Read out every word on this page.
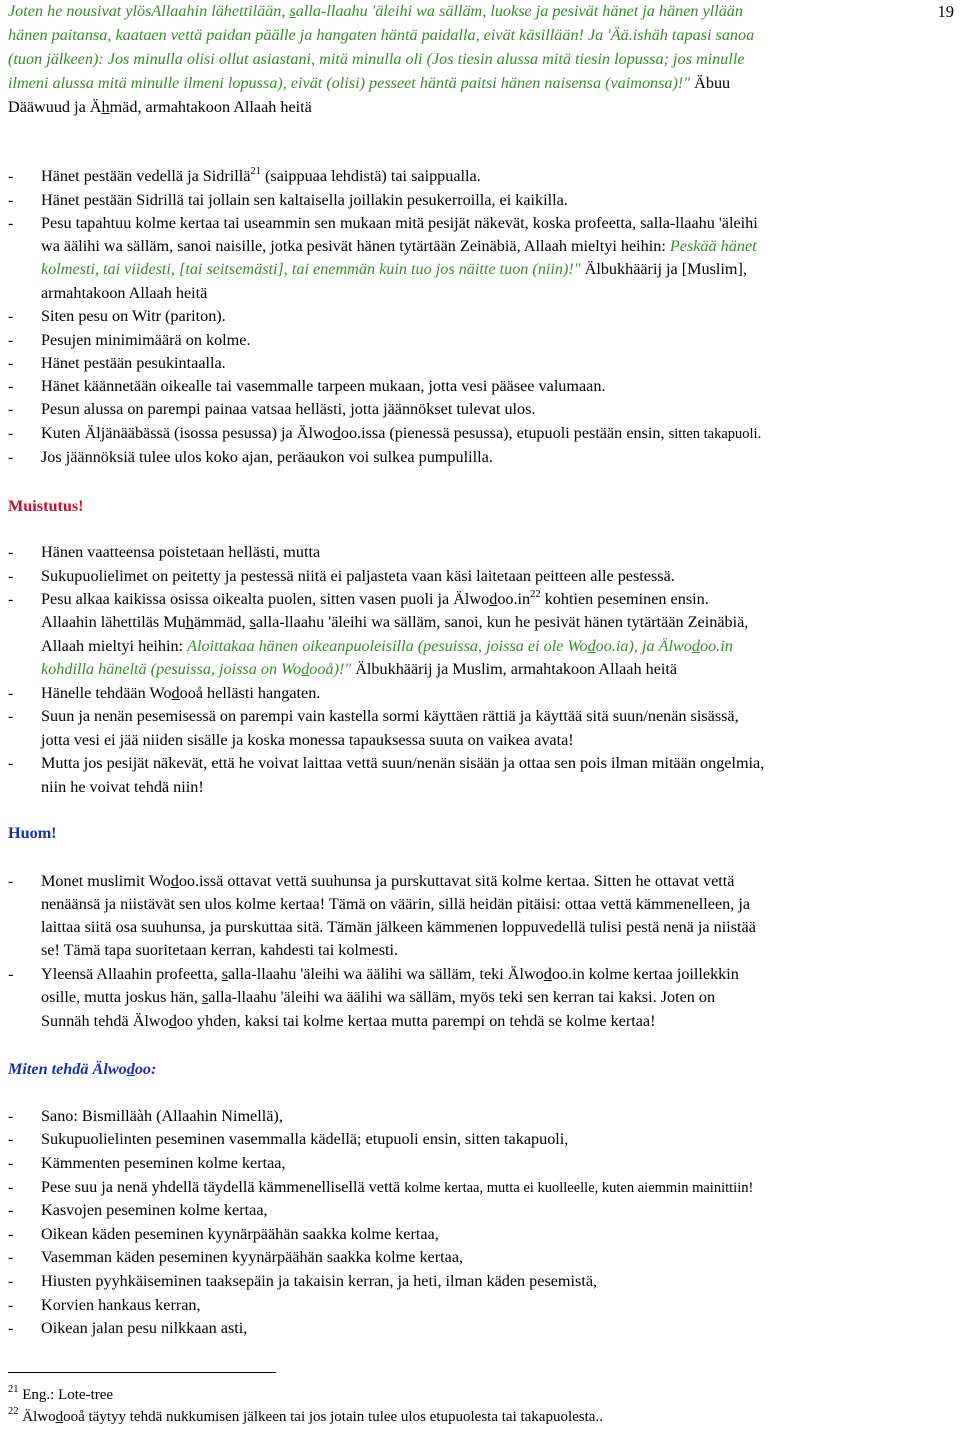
19
Joten he nousivat ylösAllaahin lähettilään, salla-llaahu 'äleihi wa sälläm, luokse ja pesivät hänet ja hänen yllään
hänen paitansa, kaataen vettä paidan päälle ja hangaten häntä paidalla, eivät käsillään! Ja 'Ää.ishäh tapasi sanoa
(tuon jälkeen): Jos minulla olisi ollut asiastani, mitä minulla oli (Jos tiesin alussa mitä tiesin lopussa; jos minulle
ilmeni alussa mitä minulle ilmeni lopussa), eivät (olisi) pesseet häntä paitsi hänen naisensa (vaimonsa)!" Äbuu
Dääwuud ja Ähmäd, armahtakoon Allaah heitä
- Hänet pestään vedellä ja Sidrillä$^{21}$ (saippuaa lehdistä) tai saippualla.
- Hänet pestään Sidrillä tai jollain sen kaltaisella joillakin pesukerroilla, ei kaikilla.
- Pesu tapahtuu kolme kertaa tai useammin sen mukaan mitä pesijät näkevät, koska profeetta, salla-llaahu 'äleihi
wa äälihi wa sälläm, sanoi naisille, jotka pesivät hänen tytärtään Zeinäbiä, Allaah mieltyi heihin: Peskää hänet
kolmesti, tai viidesti, [tai seitsemästi], tai enemmän kuin tuo jos näitte tuon (niin)!" Älbukhäärij ja [Muslim],
armahtakoon Allaah heitä
- Siten pesu on Witr (pariton).
- Pesujen minimimäärä on kolme.
- Hänet pestään pesukintaalla.
- Hänet käännetään oikealle tai vasemmalle tarpeen mukaan, jotta vesi pääsee valumaan.
- Pesun alussa on parempi painaa vatsaa hellästi, jotta jäännökset tulevat ulos.
- Kuten Äljänääbässä (isossa pesussa) ja Älwodoo.issa (pienessä pesussa), etupuoli pestään ensin, sitten takapuoli.
- Jos jäännöksiä tulee ulos koko ajan, peräaukon voi sulkea pumpulilla.
Muistutus!
- Hänen vaatteensa poistetaan hellästi, mutta
- Sukupuolielimet on peitetty ja pestessä niitä ei paljasteta vaan käsi laitetaan peitteen alle pestessä.
- Pesu alkaa kaikissa osissa oikealta puolen, sitten vasen puoli ja $Älwodoo.in^{22}$ kohtien peseminen ensin.
Allaahin lähettiläs Muhämmäd, salla-llaahu 'äleihi wa sälläm, sanoi, kun he pesivät hänen tytärtään Zeinäbiä,
Allaah mieltyi heihin: Aloittakaa hänen oikeanpuoleisilla (pesuissa, joissa ei ole Wodoo.ia), ja Älwodoo.in
kohdilla häneltä (pesuissa, joissa on Wodooå)!" Älbukhäärij ja Muslim, armahtakoon Allaah heitä
- Hänelle tehdään Wodooå hellästi hangaten.
- Suun ja nenän pesemisessä on parempi vain kastella sormi käyttäen rättiä ja käyttää sitä suun/nenän sisässä,
jotta vesi ei jää niiden sisälle ja koska monessa tapauksessa suuta on vaikea avata!
- Mutta jos pesijät näkevät, että he voivat laittaa vettä suun/nenän sisään ja ottaa sen pois ilman mitään ongelmia,
niin he voivat tehdä niin!
Huom!
- Monet muslimit Wodoo.issä ottavat vettä suuhunsa ja purskuttavat sitä kolme kertaa. Sitten he ottavat vettä
nenäänsä ja niistävät sen ulos kolme kertaa! Tämä on väärin, sillä heidän pitäisi: ottaa vettä kämmenelleen, ja
laittaa siitä osa suuhunsa, ja purskuttaa sitä. Tämän jälkeen kämmenen loppuvedellä tulisi pestä nenä ja niistää
se! Tämä tapa suoritetaan kerran, kahdesti tai kolmesti.
- Yleensä Allaahin profeetta, salla-llaahu 'äleihi wa äälihi wa sälläm, teki Älwodoo.in kolme kertaa joillekkin
osille, mutta joskus hän, salla-llaahu 'äleihi wa äälihi wa sälläm, myös teki sen kerran tai kaksi. Joten on
Sunnäh tehdä Älwodoo yhden, kaksi tai kolme kertaa mutta parempi on tehdä se kolme kertaa!
Miten tehdä Älwodoo:
- Sano: Bismilläàh (Allaahin Nimellä),
- Sukupuolielinten peseminen vasemmalla kädellä; etupuoli ensin, sitten takapuoli,
- Kämmenten peseminen kolme kertaa,
- Pese suu ja nenä yhdellä täydellä kämmenellisellä vettä kolme kertaa, mutta ei kuolleelle, kuten aiemmin mainittiin!
- Kasvojen peseminen kolme kertaa,
- Oikean käden peseminen kyynärpäähän saakka kolme kertaa,
- Vasemman käden peseminen kyynärpäähän saakka kolme kertaa,
- Hiusten pyyhkäiseminen taaksepäin ja takaisin kerran, ja heti, ilman käden pesemistä,
- Korvien hankaus kerran,
- Oikean jalan pesu nilkkaan asti,
$^{21}$ Eng.: Lote-tree
$^{22}$ Älwodooå täytyy tehdä nukkumisen jälkeen tai jos jotain tulee ulos etupuolesta tai takapuolesta..
